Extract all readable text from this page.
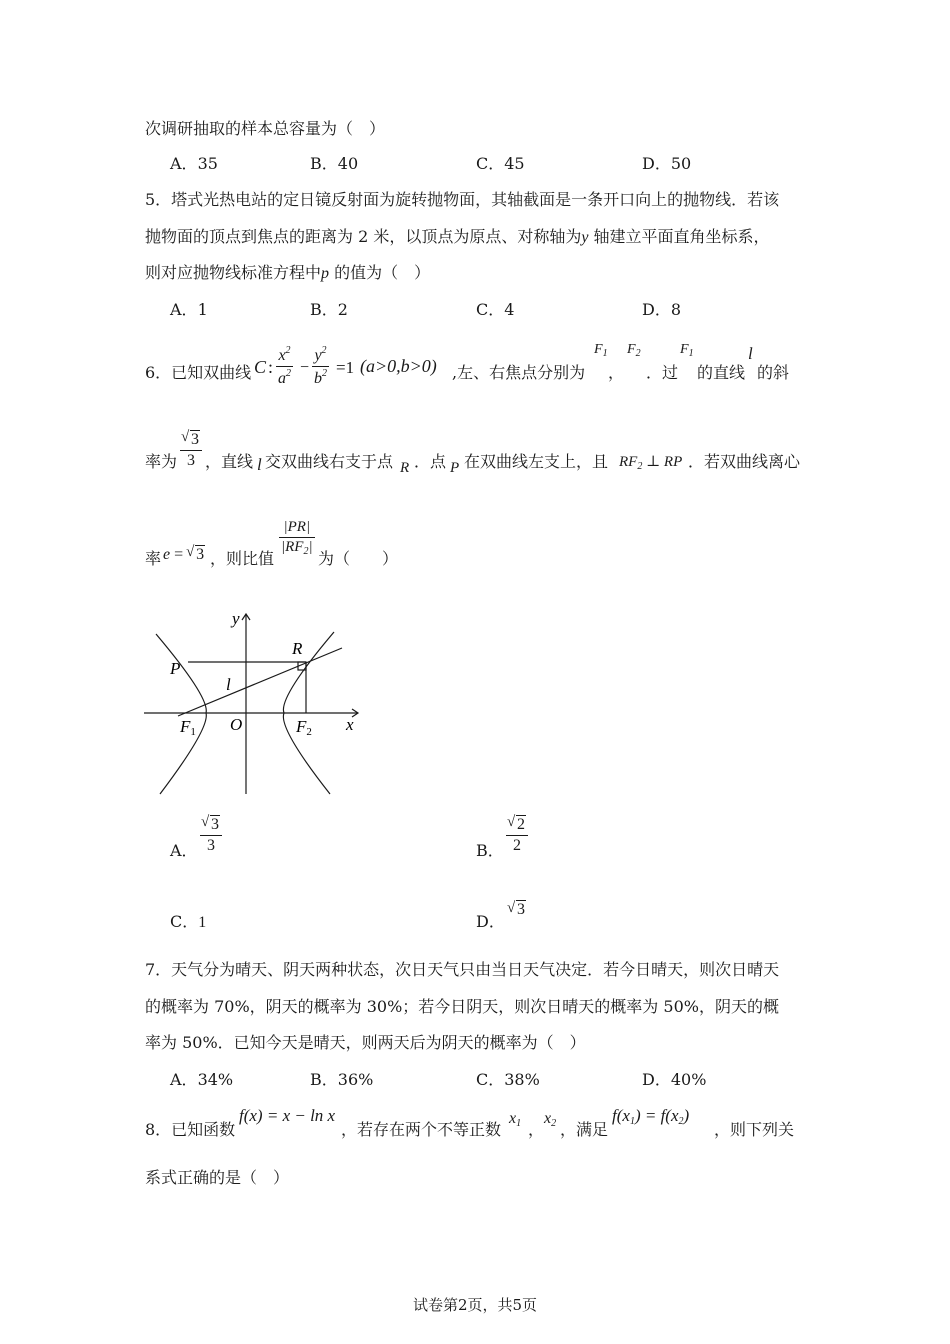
次调研抽取的样本总容量为（　）
A．35	B．40	C．45	D．50
5．塔式光热电站的定日镜反射面为旋转抛物面，其轴截面是一条开口向上的抛物线．若该
抛物面的顶点到焦点的距离为 2 米，以顶点为原点、对称轴为y 轴建立平面直角坐标系，
则对应抛物线标准方程中p 的值为（　）
A．1	B．2	C．4	D．8
6．已知双曲线 C : $\frac{x^2}{a^2} - \frac{y^2}{b^2} =1$ (a>0,b>0) ,左、右焦点分别为
$F_1$
，
$F_2$
．过
$F_1$
的直线
l
的斜
率为 $\frac{√ 3}{3}$ ，直线 l 交双曲线右支于点 R ．点 P 在双曲线左支上，且 $RF_2$ ⊥ RP ．若双曲线离心
率 e = √ 3 ，则比值
$\frac{|PR|}{|RF_2|}$
为（　　）
y
x
O
P
R
l
F1	F2
A． $\frac{√ 3}{3}$	B． $\frac{√ 2}{2}$
C．1	D．
√ 3
7．天气分为晴天、阴天两种状态，次日天气只由当日天气决定．若今日晴天，则次日晴天
的概率为 70%，阴天的概率为 30%；若今日阴天，则次日晴天的概率为 50%，阴天的概
率为 50%．已知今天是晴天，则两天后为阴天的概率为（　）
A．34%	B．36%	C．38%	D．40%
8．已知函数
f(x) = x − ln x
，若存在两个不等正数
$x_1$ ，
$x_2$ ，满足
$f(x_1) = f(x_2)$
，则下列关
系式正确的是（　）
试卷第2页，共5页
